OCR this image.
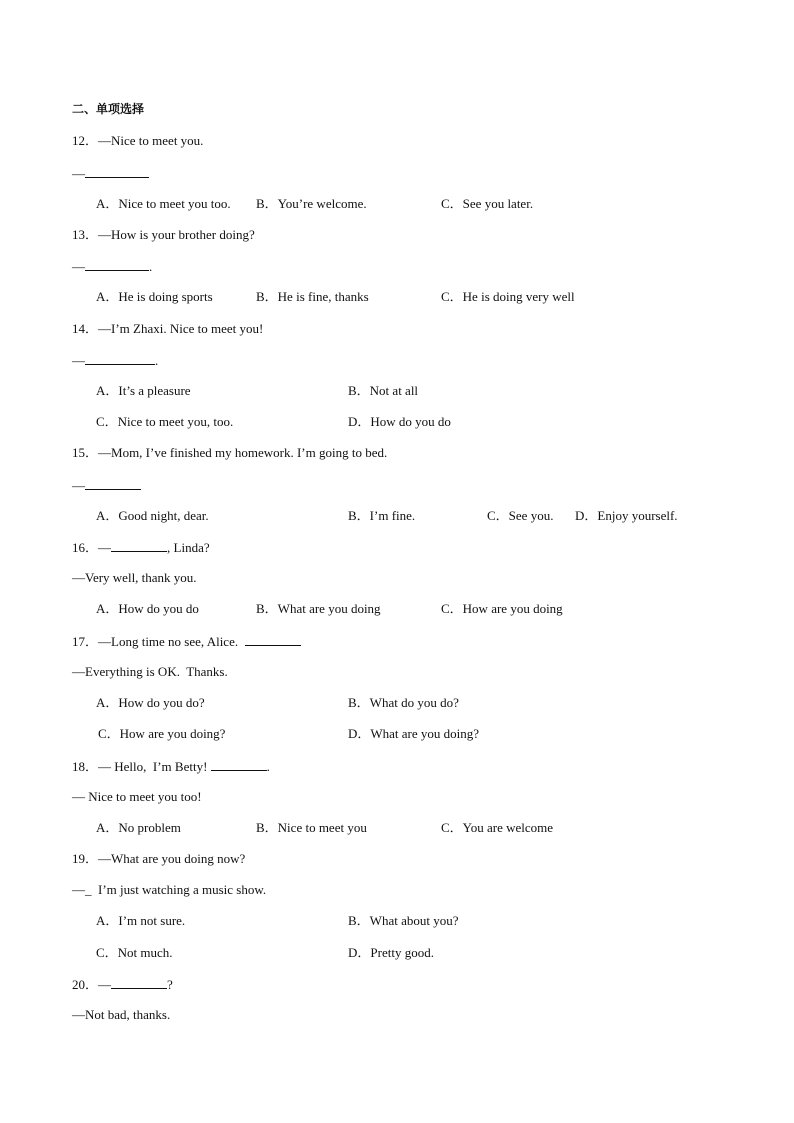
二、单项选择
12．—Nice to meet you.
—
A．Nice to meet you too. B．You’re welcome.	C．See you later.
13．—How is your brother doing?
—	.
A．He is doing sports	B．He is fine, thanks	C．He is doing very well
14．—I’m Zhaxi. Nice to meet you!
—	.
A．It’s a pleasure	B．Not at all
C．Nice to meet you, too.	D．How do you do
15．—Mom, I’ve finished my homework. I’m going to bed.
—
A．Good night, dear.	B．I’m fine.	C．See you. D．Enjoy yourself.
16．—	, Linda?
—Very well, thank you.
A．How do you do	B．What are you doing	C．How are you doing
17．—Long time no see, Alice.
—Everything is OK.  Thanks.
A．How do you do?	B．What do you do?
C．How are you doing?	D．What are you doing?
18．— Hello,  I’m Betty!	.
— Nice to meet you too!
A．No problem	B．Nice to meet you	C．You are welcome
19．—What are you doing now?
—_  I’m just watching a music show.
A．I’m not sure.	B．What about you?
C．Not much.	D．Pretty good.
20．—	?
—Not bad, thanks.
